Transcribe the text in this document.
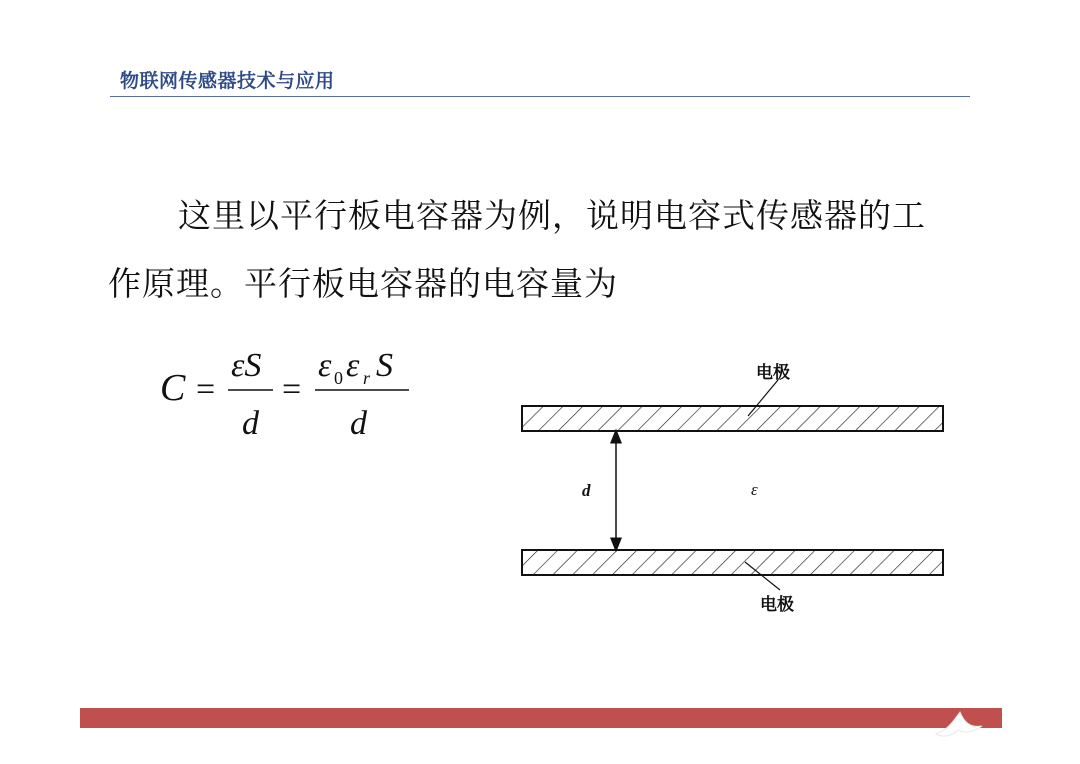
物联网传感器技术与应用
这里以平行板电容器为例，说明电容式传感器的工
作原理。平行板电容器的电容量为
C =
εS
d
=
ε 0 ε r S
d
电极
电极
d	ε
